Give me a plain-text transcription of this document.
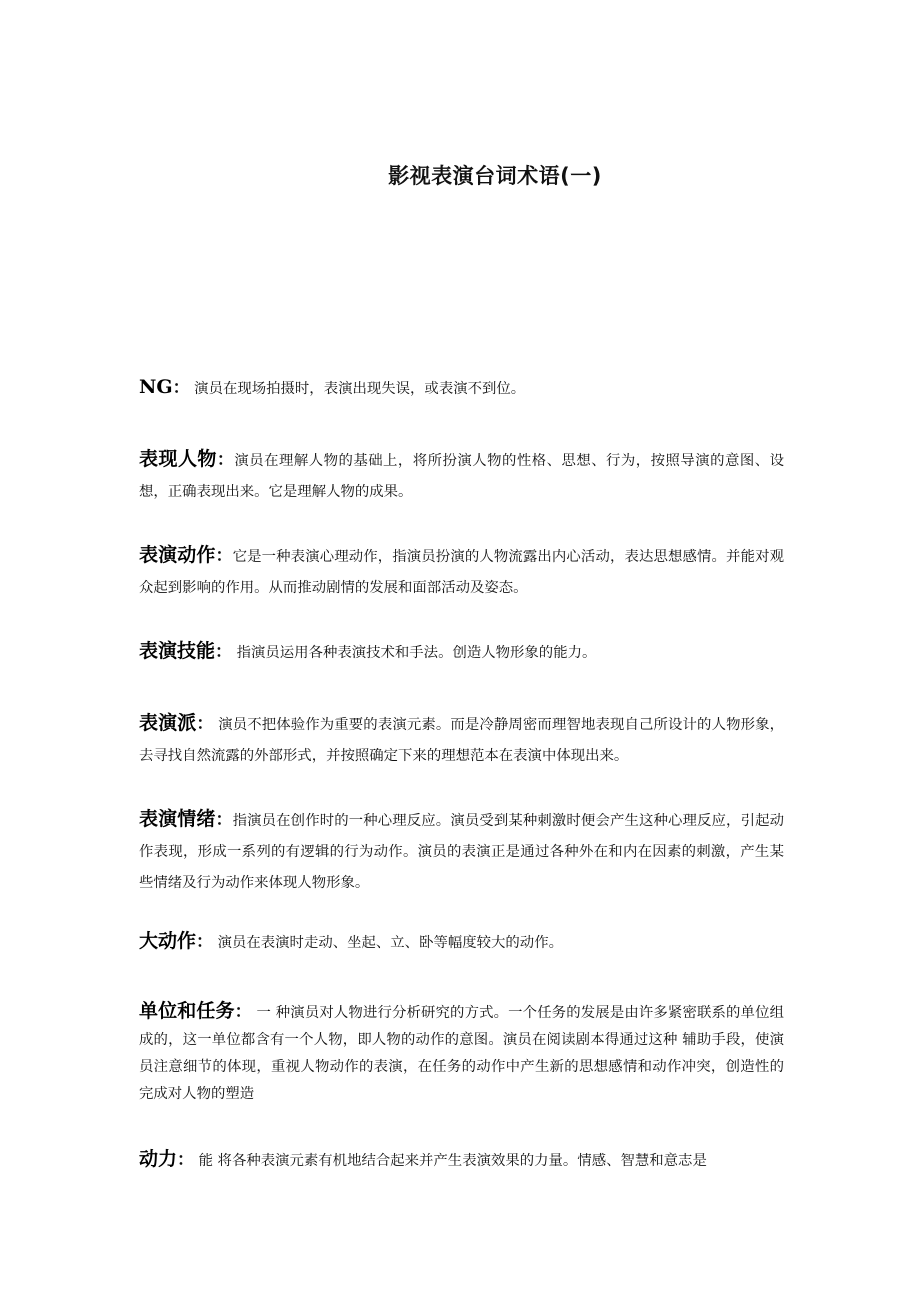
影视表演台词术语(一)
NG： 演员在现场拍摄时，表演出现失误，或表演不到位。
表现人物：演员在理解人物的基础上，将所扮演人物的性格、思想、行为，按照导演的意图、设想，正确表现出来。它是理解人物的成果。
表演动作：它是一种表演心理动作，指演员扮演的人物流露出内心活动，表达思想感情。并能对观众起到影响的作用。从而推动剧情的发展和面部活动及姿态。
表演技能： 指演员运用各种表演技术和手法。创造人物形象的能力。
表演派： 演员不把体验作为重要的表演元素。而是冷静周密而理智地表现自己所设计的人物形象，去寻找自然流露的外部形式，并按照确定下来的理想范本在表演中体现出来。
表演情绪：指演员在创作时的一种心理反应。演员受到某种刺激时便会产生这种心理反应，引起动作表现，形成一系列的有逻辑的行为动作。演员的表演正是通过各种外在和内在因素的刺激，产生某些情绪及行为动作来体现人物形象。
大动作： 演员在表演时走动、坐起、立、卧等幅度较大的动作。
单位和任务： 一 种演员对人物进行分析研究的方式。一个任务的发展是由许多紧密联系的单位组成的，这一单位都含有一个人物，即人物的动作的意图。演员在阅读剧本得通过这种 辅助手段，使演员注意细节的体现，重视人物动作的表演，在任务的动作中产生新的思想感情和动作冲突，创造性的完成对人物的塑造
动力： 能 将各种表演元素有机地结合起来并产生表演效果的力量。情感、智慧和意志是
